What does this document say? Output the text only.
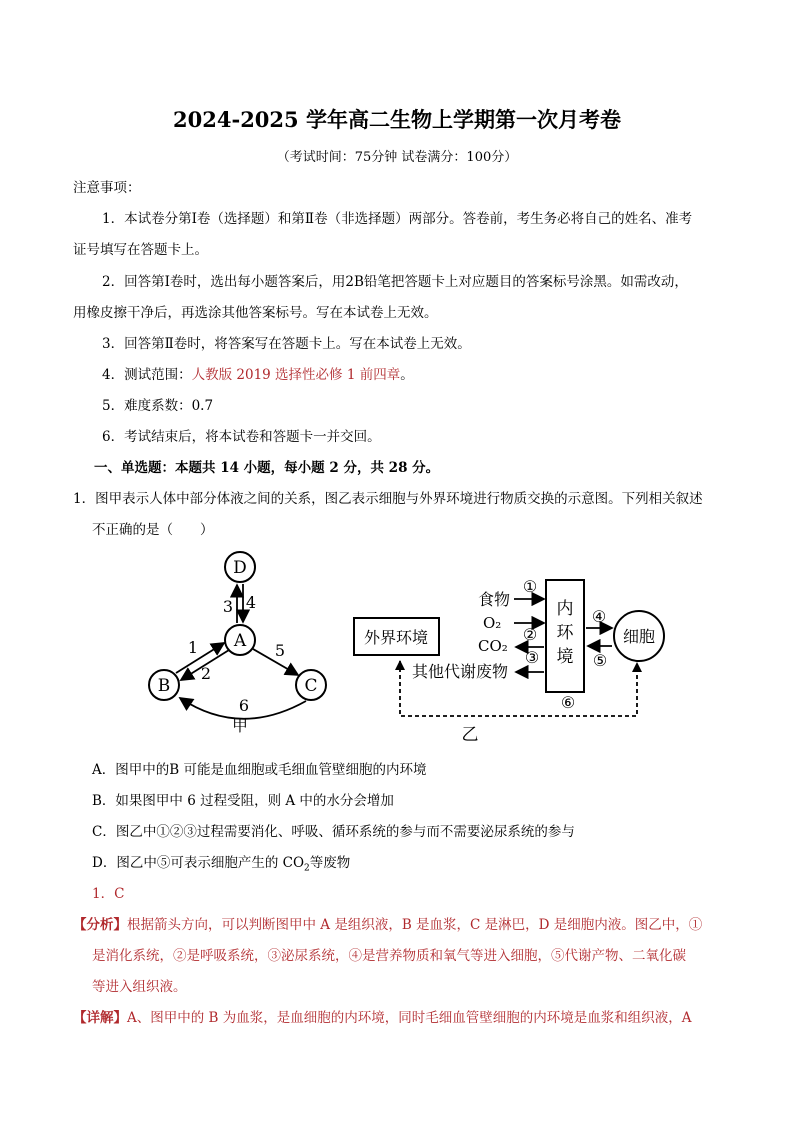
2024-2025 学年高二生物上学期第一次月考卷
（考试时间：75分钟 试卷满分：100分）
注意事项：
1．本试卷分第Ⅰ卷（选择题）和第Ⅱ卷（非选择题）两部分。答卷前，考生务必将自己的姓名、准考
证号填写在答题卡上。
2．回答第Ⅰ卷时，选出每小题答案后，用2B铅笔把答题卡上对应题目的答案标号涂黑。如需改动，
用橡皮擦干净后，再选涂其他答案标号。写在本试卷上无效。
3．回答第Ⅱ卷时，将答案写在答题卡上。写在本试卷上无效。
4．测试范围：人教版 2019 选择性必修 1 前四章。
5．难度系数：0.7
6．考试结束后，将本试卷和答题卡一并交回。
一、单选题：本题共 14 小题，每小题 2 分，共 28 分。
1．图甲表示人体中部分体液之间的关系，图乙表示细胞与外界环境进行物质交换的示意图。下列相关叙述
不正确的是（　　）
D
A
B	C
3 4
1
2
5
6
甲
外界环境
内
环
境
细胞
食物
O₂
CO₂
其他代谢废物
①
②
③
④
⑤
⑥
乙
A．图甲中的B 可能是血细胞或毛细血管壁细胞的内环境
B．如果图甲中 6 过程受阻，则 A 中的水分会增加
C．图乙中①②③过程需要消化、呼吸、循环系统的参与而不需要泌尿系统的参与
D．图乙中⑤可表示细胞产生的 $CO_2$等废物
1．C
【分析】根据箭头方向，可以判断图甲中 A 是组织液，B 是血浆，C 是淋巴，D 是细胞内液。图乙中，①
是消化系统，②是呼吸系统，③泌尿系统，④是营养物质和氧气等进入细胞，⑤代谢产物、二氧化碳
等进入组织液。
【详解】A、图甲中的 B 为血浆，是血细胞的内环境，同时毛细血管壁细胞的内环境是血浆和组织液，A
